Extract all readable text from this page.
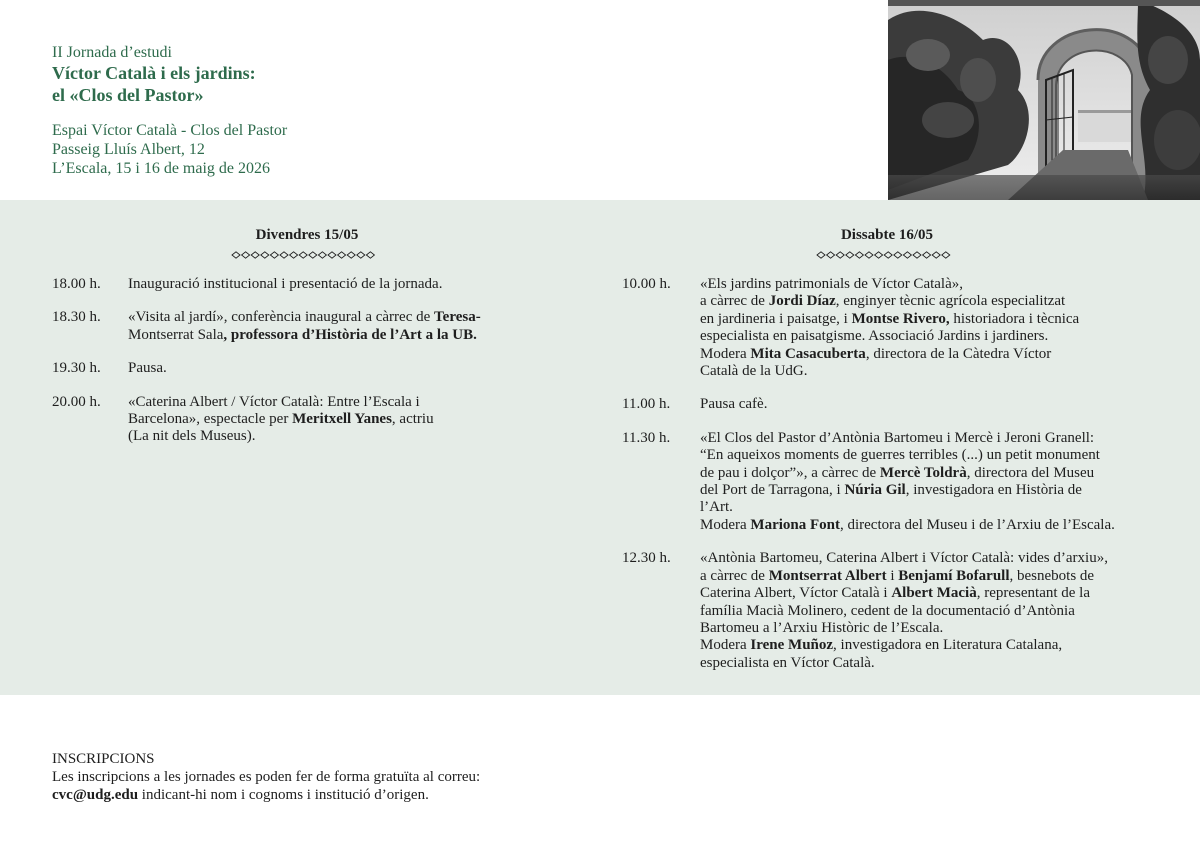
II Jornada d’estudi
Víctor Català i els jardins:
el «Clos del Pastor»
Espai Víctor Català - Clos del Pastor
Passeig Lluís Albert, 12
L’Escala, 15 i 16 de maig de 2026
Divendres 15/05	Dissabte 16/05
18.00 h.	Inauguració institucional i presentació de la jornada.
18.30 h.	«Visita al jardí», conferència inaugural a càrrec de Teresa-
Montserrat Sala, professora d’Història de l’Art a la UB.
19.30 h.	Pausa.
20.00 h.	«Caterina Albert / Víctor Català: Entre l’Escala i
Barcelona», espectacle per Meritxell Yanes, actriu
(La nit dels Museus).
10.00 h.	«Els jardins patrimonials de Víctor Català»,
a càrrec de Jordi Díaz, enginyer tècnic agrícola especialitzat
en jardineria i paisatge, i Montse Rivero, historiadora i tècnica
especialista en paisatgisme. Associació Jardins i jardiners.
Modera Mita Casacuberta, directora de la Càtedra Víctor
Català de la UdG.
11.00 h.	Pausa cafè.
11.30 h.	«El Clos del Pastor d’Antònia Bartomeu i Mercè i Jeroni Granell:
“En aqueixos moments de guerres terribles (...) un petit monument
de pau i dolçor”», a càrrec de Mercè Toldrà, directora del Museu
del Port de Tarragona, i Núria Gil, investigadora en Història de
l’Art.
Modera Mariona Font, directora del Museu i de l’Arxiu de l’Escala.
12.30 h.	«Antònia Bartomeu, Caterina Albert i Víctor Català: vides d’arxiu»,
a càrrec de Montserrat Albert i Benjamí Bofarull, besnebots de
Caterina Albert, Víctor Català i Albert Macià, representant de la
família Macià Molinero, cedent de la documentació d’Antònia
Bartomeu a l’Arxiu Històric de l’Escala.
Modera Irene Muñoz, investigadora en Literatura Catalana,
especialista en Víctor Català.
INSCRIPCIONS
Les inscripcions a les jornades es poden fer de forma gratuïta al correu:
cvc@udg.edu indicant-hi nom i cognoms i institució d’origen.
